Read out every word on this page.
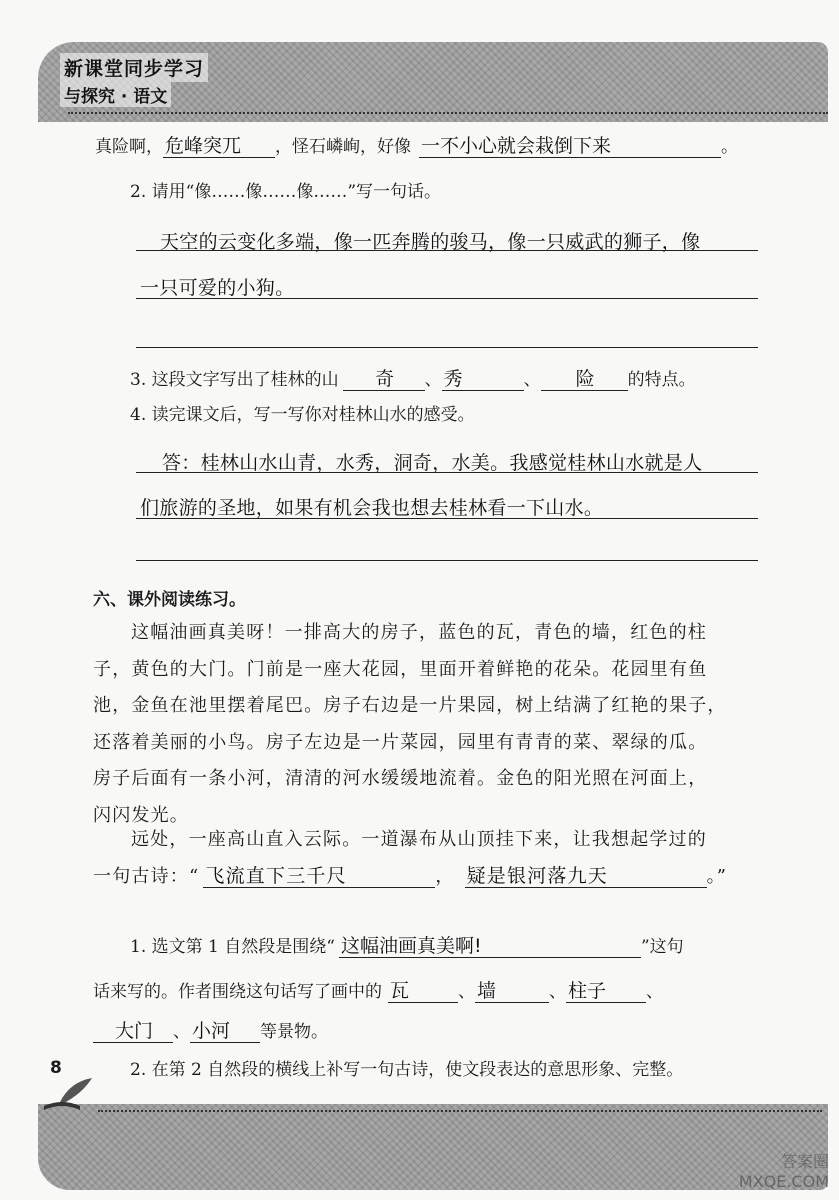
新课堂同步学习
与探究 · 语文
真险啊， 危峰突兀 ，怪石嶙峋，好像 一不小心就会栽倒下来	。
2. 请用“像……像……像……”写一句话。
天空的云变化多端，像一匹奔腾的骏马，像一只威武的狮子，像
一只可爱的小狗。
3. 这段文字写出了桂林的山 奇 、 秀	、 险 的特点。
4. 读完课文后，写一写你对桂林山水的感受。
答：桂林山水山青，水秀，洞奇，水美。我感觉桂林山水就是人
们旅游的圣地，如果有机会我也想去桂林看一下山水。
六、课外阅读练习。
这幅油画真美呀！一排高大的房子，蓝色的瓦，青色的墙，红色的柱
子，黄色的大门。门前是一座大花园，里面开着鲜艳的花朵。花园里有鱼
池，金鱼在池里摆着尾巴。房子右边是一片果园，树上结满了红艳的果子，
还落着美丽的小鸟。房子左边是一片菜园，园里有青青的菜、翠绿的瓜。
房子后面有一条小河，清清的河水缓缓地流着。金色的阳光照在河面上，
闪闪发光。
远处，一座高山直入云际。一道瀑布从山顶挂下来，让我想起学过的
一句古诗：“ 飞流直下三千尺	， 疑是银河落九天	。”
1. 选文第 1 自然段是围绕“ 这幅油画真美啊!	”这句
话来写的。作者围绕这句话写了画中的 瓦	、 墙	、 柱子 、
大门 、 小河 等景物。
2. 在第 2 自然段的横线上补写一句古诗，使文段表达的意思形象、完整。
8
答案圈
MXQE.COM
